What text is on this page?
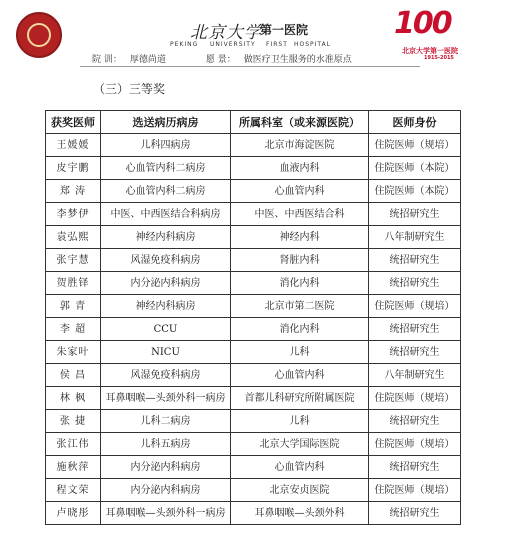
北京大学
第一医院
PEKING UNIVERSITY FIRST HOSPITAL
院 训： 厚德尚道	愿 景： 做医疗卫生服务的水准原点
100
北京大学第一医院
1915-2015
（三）三等奖
获奖医师	选送病历病房	所属科室（或来源医院）	医师身份
王媛媛	儿科四病房	北京市海淀医院	住院医师（规培）
皮宇鹏	心血管内科二病房	血液内科	住院医师（本院）
郑 涛	心血管内科二病房	心血管内科	住院医师（本院）
李梦伊	中医、中西医结合科病房	中医、中西医结合科	统招研究生
袁弘熙	神经内科病房	神经内科	八年制研究生
张宇慧	风湿免疫科病房	肾脏内科	统招研究生
贺胜铎	内分泌内科病房	消化内科	统招研究生
郭 青	神经内科病房	北京市第二医院	住院医师（规培）
李 超	CCU	消化内科	统招研究生
朱家叶	NICU	儿科	统招研究生
侯 昌	风湿免疫科病房	心血管内科	八年制研究生
林 枫	耳鼻咽喉—头颈外科一病房	首都儿科研究所附属医院	住院医师（规培）
张 捷	儿科二病房	儿科	统招研究生
张江伟	儿科五病房	北京大学国际医院	住院医师（规培）
施秋萍	内分泌内科病房	心血管内科	统招研究生
程文荣	内分泌内科病房	北京安贞医院	住院医师（规培）
卢晓彤	耳鼻咽喉—头颈外科一病房	耳鼻咽喉—头颈外科	统招研究生
